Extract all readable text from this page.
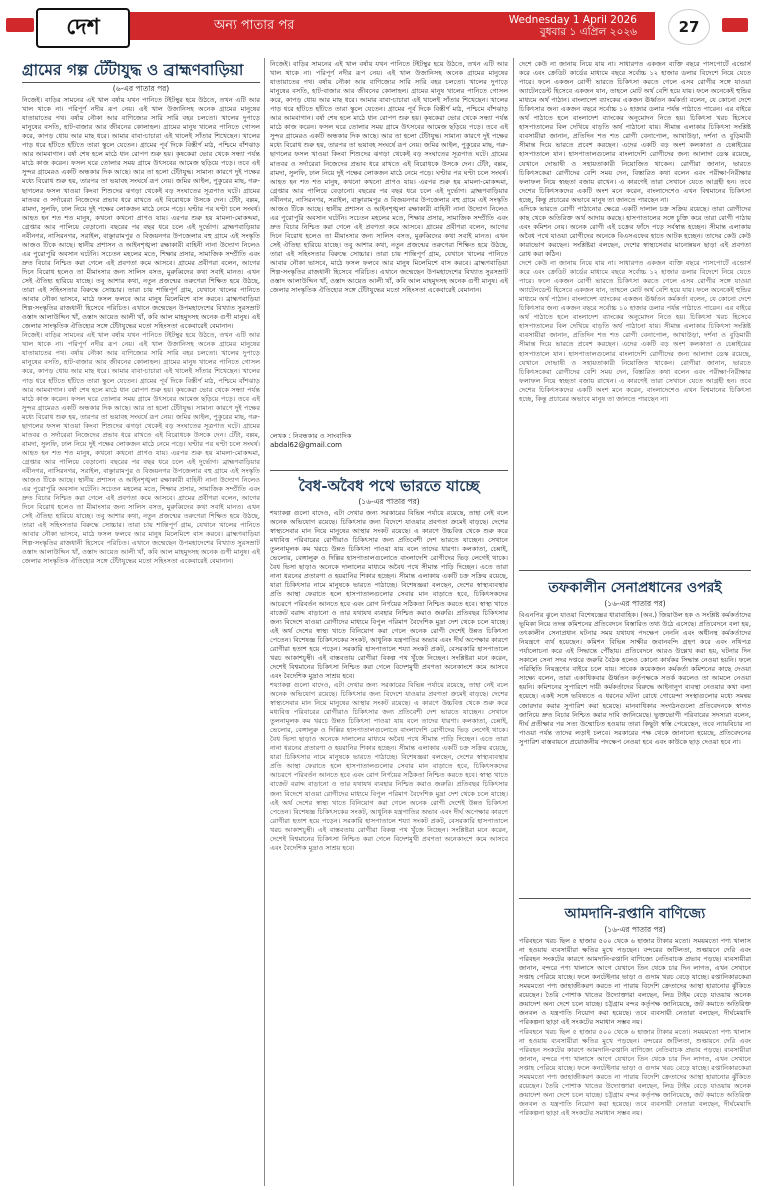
দেশ	অন্য পাতার পর	Wednesday 1 April 2026
বুধবার ১ এপ্রিল ২০২৬	27
গ্রামের গল্প টেঁটাযুদ্ধ ও ব্রাহ্মণবাড়িয়া
(৬-এর পাতার পর)
নিজেই। বাড়ির সামনের এই খাল বর্ষায় যখন পানিতে টইটম্বুর হয়ে উঠতে, তখন এটি আর খাল থাকে না। পরিপূর্ণ নদীর রূপ নেয়। এই খাল উজানিসহ অনেক গ্রামের মানুষের যাতায়াতের পথ। বর্ষায় নৌকা আর বাণিজ্যের সারি সারি বহর চলতো। খালের দুপাড়ে মানুষের বসতি, হাট-বাজার আর জীবনের কোলাহল। গ্রামের মানুষ খালের পানিতে গোসল করে, কাপড় ধোয় আর মাছ ধরে। আমার বাবা-চাচারা এই খালেই সাঁতার শিখেছেন। খালের পাড় ধরে হাঁটতে হাঁটতে তারা স্কুলে যেতেন। গ্রামের পূর্ব দিকে বিস্তীর্ণ মাঠ, পশ্চিমে বাঁশঝাড় আর আমবাগান। বর্ষা শেষ হলে মাঠে ধান রোপণ শুরু হয়। কৃষকেরা ভোর থেকে সন্ধ্যা পর্যন্ত মাঠে কাজ করেন। ফসল ঘরে তোলার সময় গ্রামে উৎসবের আমেজ ছড়িয়ে পড়ে। তবে এই সুন্দর গ্রামেরও একটি অন্ধকার দিক আছে। আর তা হলো টেঁটাযুদ্ধ। সামান্য কারণে দুই পক্ষের মধ্যে বিরোধ শুরু হয়, তারপর তা ভয়াবহ সংঘর্ষে রূপ নেয়। জমির আইল, পুকুরের মাছ, গরু-ছাগলের ফসল খাওয়া কিংবা শিশুদের ঝগড়া থেকেই বড় সংঘাতের সূত্রপাত ঘটে। গ্রামের মাতবর ও সর্দারেরা নিজেদের প্রভাব ধরে রাখতে এই বিরোধকে উসকে দেন। টেঁটা, বল্লম, রামদা, সুলফি, ঢাল নিয়ে দুই পক্ষের লোকজন মাঠে নেমে পড়ে। ঘণ্টার পর ঘণ্টা চলে সংঘর্ষ। আহত হন শত শত মানুষ, কখনো কখনো প্রাণও যায়। এরপর শুরু হয় মামলা-মোকদ্দমা, গ্রেপ্তার আর পালিয়ে বেড়ানো। বছরের পর বছর ধরে চলে এই দুর্ভোগ। ব্রাহ্মণবাড়িয়ার নবীনগর, নাসিরনগর, সরাইল, বাঞ্ছারামপুর ও বিজয়নগর উপজেলার বহু গ্রামে এই সংস্কৃতি আজও টিকে আছে। স্থানীয় প্রশাসন ও আইনশৃঙ্খলা রক্ষাকারী বাহিনী নানা উদ্যোগ নিলেও এর পুরোপুরি অবসান ঘটেনি। সচেতন মহলের মতে, শিক্ষার প্রসার, সামাজিক সম্প্রীতি এবং দ্রুত বিচার নিশ্চিত করা গেলে এই প্রবণতা কমে আসবে। গ্রামের প্রবীণরা বলেন, আগের দিনে বিরোধ হলেও তা মীমাংসার জন্য সালিস বসত, মুরুব্বিদের কথা সবাই মানত। এখন সেই ঐতিহ্য হারিয়ে যাচ্ছে। তবু আশার কথা, নতুন প্রজন্মের তরুণেরা শিক্ষিত হয়ে উঠছে, তারা এই সহিংসতার বিরুদ্ধে সোচ্চার। তারা চায় শান্তিপূর্ণ গ্রাম, যেখানে খালের পানিতে আবার নৌকা ভাসবে, মাঠে ফসল ফলবে আর মানুষ মিলেমিশে বাস করবে। ব্রাহ্মণবাড়িয়া শিল্প-সংস্কৃতির রাজধানী হিসেবে পরিচিত। এখানে জন্মেছেন উপমহাদেশের বিখ্যাত সুরসম্রাট ওস্তাদ আলাউদ্দিন খাঁ, ওস্তাদ আয়েত আলী খাঁ, কবি আল মাহমুদসহ অনেক গুণী মানুষ। এই জেলার সাংস্কৃতিক ঐতিহ্যের সঙ্গে টেঁটাযুদ্ধের মতো সহিংসতা একেবারেই বেমানান।
নিজেই। বাড়ির সামনের এই খাল বর্ষায় যখন পানিতে টইটম্বুর হয়ে উঠতে, তখন এটি আর খাল থাকে না। পরিপূর্ণ নদীর রূপ নেয়। এই খাল উজানিসহ অনেক গ্রামের মানুষের যাতায়াতের পথ। বর্ষায় নৌকা আর বাণিজ্যের সারি সারি বহর চলতো। খালের দুপাড়ে মানুষের বসতি, হাট-বাজার আর জীবনের কোলাহল। গ্রামের মানুষ খালের পানিতে গোসল করে, কাপড় ধোয় আর মাছ ধরে। আমার বাবা-চাচারা এই খালেই সাঁতার শিখেছেন। খালের পাড় ধরে হাঁটতে হাঁটতে তারা স্কুলে যেতেন। গ্রামের পূর্ব দিকে বিস্তীর্ণ মাঠ, পশ্চিমে বাঁশঝাড় আর আমবাগান। বর্ষা শেষ হলে মাঠে ধান রোপণ শুরু হয়। কৃষকেরা ভোর থেকে সন্ধ্যা পর্যন্ত মাঠে কাজ করেন। ফসল ঘরে তোলার সময় গ্রামে উৎসবের আমেজ ছড়িয়ে পড়ে। তবে এই সুন্দর গ্রামেরও একটি অন্ধকার দিক আছে। আর তা হলো টেঁটাযুদ্ধ। সামান্য কারণে দুই পক্ষের মধ্যে বিরোধ শুরু হয়, তারপর তা ভয়াবহ সংঘর্ষে রূপ নেয়। জমির আইল, পুকুরের মাছ, গরু-ছাগলের ফসল খাওয়া কিংবা শিশুদের ঝগড়া থেকেই বড় সংঘাতের সূত্রপাত ঘটে। গ্রামের মাতবর ও সর্দারেরা নিজেদের প্রভাব ধরে রাখতে এই বিরোধকে উসকে দেন। টেঁটা, বল্লম, রামদা, সুলফি, ঢাল নিয়ে দুই পক্ষের লোকজন মাঠে নেমে পড়ে। ঘণ্টার পর ঘণ্টা চলে সংঘর্ষ। আহত হন শত শত মানুষ, কখনো কখনো প্রাণও যায়। এরপর শুরু হয় মামলা-মোকদ্দমা, গ্রেপ্তার আর পালিয়ে বেড়ানো। বছরের পর বছর ধরে চলে এই দুর্ভোগ। ব্রাহ্মণবাড়িয়ার নবীনগর, নাসিরনগর, সরাইল, বাঞ্ছারামপুর ও বিজয়নগর উপজেলার বহু গ্রামে এই সংস্কৃতি আজও টিকে আছে। স্থানীয় প্রশাসন ও আইনশৃঙ্খলা রক্ষাকারী বাহিনী নানা উদ্যোগ নিলেও এর পুরোপুরি অবসান ঘটেনি। সচেতন মহলের মতে, শিক্ষার প্রসার, সামাজিক সম্প্রীতি এবং দ্রুত বিচার নিশ্চিত করা গেলে এই প্রবণতা কমে আসবে। গ্রামের প্রবীণরা বলেন, আগের দিনে বিরোধ হলেও তা মীমাংসার জন্য সালিস বসত, মুরুব্বিদের কথা সবাই মানত। এখন সেই ঐতিহ্য হারিয়ে যাচ্ছে। তবু আশার কথা, নতুন প্রজন্মের তরুণেরা শিক্ষিত হয়ে উঠছে, তারা এই সহিংসতার বিরুদ্ধে সোচ্চার। তারা চায় শান্তিপূর্ণ গ্রাম, যেখানে খালের পানিতে আবার নৌকা ভাসবে, মাঠে ফসল ফলবে আর মানুষ মিলেমিশে বাস করবে। ব্রাহ্মণবাড়িয়া শিল্প-সংস্কৃতির রাজধানী হিসেবে পরিচিত। এখানে জন্মেছেন উপমহাদেশের বিখ্যাত সুরসম্রাট ওস্তাদ আলাউদ্দিন খাঁ, ওস্তাদ আয়েত আলী খাঁ, কবি আল মাহমুদসহ অনেক গুণী মানুষ। এই জেলার সাংস্কৃতিক ঐতিহ্যের সঙ্গে টেঁটাযুদ্ধের মতো সহিংসতা একেবারেই বেমানান।
নিজেই। বাড়ির সামনের এই খাল বর্ষায় যখন পানিতে টইটম্বুর হয়ে উঠতে, তখন এটি আর খাল থাকে না। পরিপূর্ণ নদীর রূপ নেয়। এই খাল উজানিসহ অনেক গ্রামের মানুষের যাতায়াতের পথ। বর্ষায় নৌকা আর বাণিজ্যের সারি সারি বহর চলতো। খালের দুপাড়ে মানুষের বসতি, হাট-বাজার আর জীবনের কোলাহল। গ্রামের মানুষ খালের পানিতে গোসল করে, কাপড় ধোয় আর মাছ ধরে। আমার বাবা-চাচারা এই খালেই সাঁতার শিখেছেন। খালের পাড় ধরে হাঁটতে হাঁটতে তারা স্কুলে যেতেন। গ্রামের পূর্ব দিকে বিস্তীর্ণ মাঠ, পশ্চিমে বাঁশঝাড় আর আমবাগান। বর্ষা শেষ হলে মাঠে ধান রোপণ শুরু হয়। কৃষকেরা ভোর থেকে সন্ধ্যা পর্যন্ত মাঠে কাজ করেন। ফসল ঘরে তোলার সময় গ্রামে উৎসবের আমেজ ছড়িয়ে পড়ে। তবে এই সুন্দর গ্রামেরও একটি অন্ধকার দিক আছে। আর তা হলো টেঁটাযুদ্ধ। সামান্য কারণে দুই পক্ষের মধ্যে বিরোধ শুরু হয়, তারপর তা ভয়াবহ সংঘর্ষে রূপ নেয়। জমির আইল, পুকুরের মাছ, গরু-ছাগলের ফসল খাওয়া কিংবা শিশুদের ঝগড়া থেকেই বড় সংঘাতের সূত্রপাত ঘটে। গ্রামের মাতবর ও সর্দারেরা নিজেদের প্রভাব ধরে রাখতে এই বিরোধকে উসকে দেন। টেঁটা, বল্লম, রামদা, সুলফি, ঢাল নিয়ে দুই পক্ষের লোকজন মাঠে নেমে পড়ে। ঘণ্টার পর ঘণ্টা চলে সংঘর্ষ। আহত হন শত শত মানুষ, কখনো কখনো প্রাণও যায়। এরপর শুরু হয় মামলা-মোকদ্দমা, গ্রেপ্তার আর পালিয়ে বেড়ানো। বছরের পর বছর ধরে চলে এই দুর্ভোগ। ব্রাহ্মণবাড়িয়ার নবীনগর, নাসিরনগর, সরাইল, বাঞ্ছারামপুর ও বিজয়নগর উপজেলার বহু গ্রামে এই সংস্কৃতি আজও টিকে আছে। স্থানীয় প্রশাসন ও আইনশৃঙ্খলা রক্ষাকারী বাহিনী নানা উদ্যোগ নিলেও এর পুরোপুরি অবসান ঘটেনি। সচেতন মহলের মতে, শিক্ষার প্রসার, সামাজিক সম্প্রীতি এবং দ্রুত বিচার নিশ্চিত করা গেলে এই প্রবণতা কমে আসবে। গ্রামের প্রবীণরা বলেন, আগের দিনে বিরোধ হলেও তা মীমাংসার জন্য সালিস বসত, মুরুব্বিদের কথা সবাই মানত। এখন সেই ঐতিহ্য হারিয়ে যাচ্ছে। তবু আশার কথা, নতুন প্রজন্মের তরুণেরা শিক্ষিত হয়ে উঠছে, তারা এই সহিংসতার বিরুদ্ধে সোচ্চার। তারা চায় শান্তিপূর্ণ গ্রাম, যেখানে খালের পানিতে আবার নৌকা ভাসবে, মাঠে ফসল ফলবে আর মানুষ মিলেমিশে বাস করবে। ব্রাহ্মণবাড়িয়া শিল্প-সংস্কৃতির রাজধানী হিসেবে পরিচিত। এখানে জন্মেছেন উপমহাদেশের বিখ্যাত সুরসম্রাট ওস্তাদ আলাউদ্দিন খাঁ, ওস্তাদ আয়েত আলী খাঁ, কবি আল মাহমুদসহ অনেক গুণী মানুষ। এই জেলার সাংস্কৃতিক ঐতিহ্যের সঙ্গে টেঁটাযুদ্ধের মতো সহিংসতা একেবারেই বেমানান।
লেখক : নিবন্ধকার ও সাংবাদিক
abdal62@gmail.com
বৈধ-অবৈধ পথে ভারতে যাচ্ছে
(১৬-এর পাতার পর)
শয্যাকল্প গুলো বাদেও, এটা দেখার জন্য সরকারের বিভিন্ন পর্যায়ে রয়েছে, তাহা নেই বলে অনেক অভিযোগ রয়েছে। চিকিৎসার জন্য বিদেশে যাওয়ার প্রবণতা ক্রমেই বাড়ছে। দেশের স্বাস্থ্যসেবার মান নিয়ে মানুষের আস্থার সংকট রয়েছে। এ কারণে উচ্চবিত্ত থেকে শুরু করে মধ্যবিত্ত পরিবারের রোগীরাও চিকিৎসার জন্য প্রতিবেশী দেশ ভারতে যাচ্ছেন। সেখানে তুলনামূলক কম খরচে উন্নত চিকিৎসা পাওয়া যায় বলে তাদের ধারণা। কলকাতা, চেন্নাই, ভেলোর, বেঙ্গালুরু ও দিল্লির হাসপাতালগুলোতে বাংলাদেশি রোগীদের ভিড় লেগেই থাকে। বৈধ ভিসা ছাড়াও অনেকে দালালের মাধ্যমে অবৈধ পথে সীমান্ত পাড়ি দিচ্ছেন। এতে তারা নানা ধরনের প্রতারণা ও হয়রানির শিকার হচ্ছেন। সীমান্ত এলাকায় একটি চক্র সক্রিয় রয়েছে, যারা চিকিৎসার নামে মানুষকে ভারতে পাঠাচ্ছে। বিশেষজ্ঞরা বলছেন, দেশের স্বাস্থ্যব্যবস্থার প্রতি আস্থা ফেরাতে হলে হাসপাতালগুলোর সেবার মান বাড়াতে হবে, চিকিৎসকদের আচরণে পরিবর্তন আনতে হবে এবং রোগ নির্ণয়ের সঠিকতা নিশ্চিত করতে হবে। স্বাস্থ্য খাতে বাজেট বরাদ্দ বাড়ানো ও তার যথাযথ ব্যবহার নিশ্চিত করাও জরুরি। প্রতিবছর চিকিৎসার জন্য বিদেশে যাওয়া রোগীদের মাধ্যমে বিপুল পরিমাণ বৈদেশিক মুদ্রা দেশ থেকে চলে যাচ্ছে। এই অর্থ দেশের স্বাস্থ্য খাতে বিনিয়োগ করা গেলে অনেক রোগী দেশেই উন্নত চিকিৎসা পেতেন। বিশেষজ্ঞ চিকিৎসকের সংকট, আধুনিক যন্ত্রপাতির অভাব এবং দীর্ঘ অপেক্ষার কারণে রোগীরা হতাশ হয়ে পড়েন। সরকারি হাসপাতালে শয্যা সংকট প্রকট, বেসরকারি হাসপাতালে খরচ আকাশচুম্বী। এই বাস্তবতায় রোগীরা বিকল্প পথ খুঁজে নিচ্ছেন। সংশ্লিষ্টরা মনে করেন, দেশেই বিশ্বমানের চিকিৎসা নিশ্চিত করা গেলে বিদেশমুখী প্রবণতা অনেকাংশে কমে আসবে এবং বৈদেশিক মুদ্রাও সাশ্রয় হবে।
শয্যাকল্প গুলো বাদেও, এটা দেখার জন্য সরকারের বিভিন্ন পর্যায়ে রয়েছে, তাহা নেই বলে অনেক অভিযোগ রয়েছে। চিকিৎসার জন্য বিদেশে যাওয়ার প্রবণতা ক্রমেই বাড়ছে। দেশের স্বাস্থ্যসেবার মান নিয়ে মানুষের আস্থার সংকট রয়েছে। এ কারণে উচ্চবিত্ত থেকে শুরু করে মধ্যবিত্ত পরিবারের রোগীরাও চিকিৎসার জন্য প্রতিবেশী দেশ ভারতে যাচ্ছেন। সেখানে তুলনামূলক কম খরচে উন্নত চিকিৎসা পাওয়া যায় বলে তাদের ধারণা। কলকাতা, চেন্নাই, ভেলোর, বেঙ্গালুরু ও দিল্লির হাসপাতালগুলোতে বাংলাদেশি রোগীদের ভিড় লেগেই থাকে। বৈধ ভিসা ছাড়াও অনেকে দালালের মাধ্যমে অবৈধ পথে সীমান্ত পাড়ি দিচ্ছেন। এতে তারা নানা ধরনের প্রতারণা ও হয়রানির শিকার হচ্ছেন। সীমান্ত এলাকায় একটি চক্র সক্রিয় রয়েছে, যারা চিকিৎসার নামে মানুষকে ভারতে পাঠাচ্ছে। বিশেষজ্ঞরা বলছেন, দেশের স্বাস্থ্যব্যবস্থার প্রতি আস্থা ফেরাতে হলে হাসপাতালগুলোর সেবার মান বাড়াতে হবে, চিকিৎসকদের আচরণে পরিবর্তন আনতে হবে এবং রোগ নির্ণয়ের সঠিকতা নিশ্চিত করতে হবে। স্বাস্থ্য খাতে বাজেট বরাদ্দ বাড়ানো ও তার যথাযথ ব্যবহার নিশ্চিত করাও জরুরি। প্রতিবছর চিকিৎসার জন্য বিদেশে যাওয়া রোগীদের মাধ্যমে বিপুল পরিমাণ বৈদেশিক মুদ্রা দেশ থেকে চলে যাচ্ছে। এই অর্থ দেশের স্বাস্থ্য খাতে বিনিয়োগ করা গেলে অনেক রোগী দেশেই উন্নত চিকিৎসা পেতেন। বিশেষজ্ঞ চিকিৎসকের সংকট, আধুনিক যন্ত্রপাতির অভাব এবং দীর্ঘ অপেক্ষার কারণে রোগীরা হতাশ হয়ে পড়েন। সরকারি হাসপাতালে শয্যা সংকট প্রকট, বেসরকারি হাসপাতালে খরচ আকাশচুম্বী। এই বাস্তবতায় রোগীরা বিকল্প পথ খুঁজে নিচ্ছেন। সংশ্লিষ্টরা মনে করেন, দেশেই বিশ্বমানের চিকিৎসা নিশ্চিত করা গেলে বিদেশমুখী প্রবণতা অনেকাংশে কমে আসবে এবং বৈদেশিক মুদ্রাও সাশ্রয় হবে।
দেশে কেউ না জানায় নিয়ে যায় না। সাধারণত একজন ব্যক্তি বছরে পাসপোর্টে এন্ডোর্স করে এবং ক্রেডিট কার্ডের মাধ্যমে বছরে সর্বোচ্চ ১২ হাজার ডলার বিদেশে নিয়ে যেতে পারে। ফলে একজন রোগী ভারতে চিকিৎসা করতে গেলে এসব রোগীর সঙ্গে যাওয়া অ্যাটেনডেন্ট হিসেবে একজন যান, তাহলে মোট অর্থ বেশি হয়ে যায়। ফলে অনেকেই হুন্ডির মাধ্যমে অর্থ পাঠান। বাংলাদেশ ব্যাংকের একজন ঊর্ধ্বতন কর্মকর্তা বলেন, যে কোনো দেশে চিকিৎসার জন্য একজন বছরে সর্বোচ্চ ১০ হাজার ডলার পর্যন্ত পাঠাতে পারেন। এর বাইরে অর্থ পাঠাতে হলে বাংলাদেশ ব্যাংকের অনুমোদন নিতে হয়। চিকিৎসা খরচ হিসেবে হাসপাতালের বিল দেখিয়ে বাড়তি অর্থ পাঠানো যায়। সীমান্ত এলাকার চিকিৎসা সংশ্লিষ্ট ব্যবসায়ীরা জানান, প্রতিদিন শত শত রোগী বেনাপোল, আখাউড়া, দর্শনা ও বুড়িমারী সীমান্ত দিয়ে ভারতে প্রবেশ করছেন। এদের একটি বড় অংশ কলকাতা ও চেন্নাইয়ের হাসপাতালে যান। হাসপাতালগুলোর বাংলাদেশি রোগীদের জন্য আলাদা ডেস্ক রয়েছে, যেখানে দোভাষী ও সহায়তাকারী নিয়োজিত থাকেন। রোগীরা জানান, ভারতে চিকিৎসকেরা রোগীদের বেশি সময় দেন, বিস্তারিত কথা বলেন এবং পরীক্ষা-নিরীক্ষার ফলাফল নিয়ে স্বচ্ছতা বজায় রাখেন। এ কারণেই তারা সেখানে যেতে আগ্রহী হন। তবে দেশের চিকিৎসকদের একটি অংশ মনে করেন, বাংলাদেশেও এখন বিশ্বমানের চিকিৎসা হচ্ছে, কিন্তু প্রচারের অভাবে মানুষ তা জানতে পারছেন না।
এদিকে ভারতে রোগী পাঠানোর ক্ষেত্রে একটি দালাল চক্র সক্রিয় রয়েছে। তারা রোগীদের কাছ থেকে অতিরিক্ত অর্থ আদায় করছে। হাসপাতালের সঙ্গে চুক্তি করে তারা রোগী পাঠায় এবং কমিশন নেয়। অনেক রোগী এই চক্রের ফাঁদে পড়ে সর্বস্বান্ত হচ্ছেন। সীমান্ত এলাকায় অবৈধ পথে যাওয়া রোগীদের অনেকে বিএসএফের হাতে আটক হচ্ছেন। তাদের কেউ কেউ কারাভোগ করছেন। সংশ্লিষ্টরা বলছেন, দেশের স্বাস্থ্যসেবার মানোন্নয়ন ছাড়া এই প্রবণতা রোধ করা কঠিন।
দেশে কেউ না জানায় নিয়ে যায় না। সাধারণত একজন ব্যক্তি বছরে পাসপোর্টে এন্ডোর্স করে এবং ক্রেডিট কার্ডের মাধ্যমে বছরে সর্বোচ্চ ১২ হাজার ডলার বিদেশে নিয়ে যেতে পারে। ফলে একজন রোগী ভারতে চিকিৎসা করতে গেলে এসব রোগীর সঙ্গে যাওয়া অ্যাটেনডেন্ট হিসেবে একজন যান, তাহলে মোট অর্থ বেশি হয়ে যায়। ফলে অনেকেই হুন্ডির মাধ্যমে অর্থ পাঠান। বাংলাদেশ ব্যাংকের একজন ঊর্ধ্বতন কর্মকর্তা বলেন, যে কোনো দেশে চিকিৎসার জন্য একজন বছরে সর্বোচ্চ ১০ হাজার ডলার পর্যন্ত পাঠাতে পারেন। এর বাইরে অর্থ পাঠাতে হলে বাংলাদেশ ব্যাংকের অনুমোদন নিতে হয়। চিকিৎসা খরচ হিসেবে হাসপাতালের বিল দেখিয়ে বাড়তি অর্থ পাঠানো যায়। সীমান্ত এলাকার চিকিৎসা সংশ্লিষ্ট ব্যবসায়ীরা জানান, প্রতিদিন শত শত রোগী বেনাপোল, আখাউড়া, দর্শনা ও বুড়িমারী সীমান্ত দিয়ে ভারতে প্রবেশ করছেন। এদের একটি বড় অংশ কলকাতা ও চেন্নাইয়ের হাসপাতালে যান। হাসপাতালগুলোর বাংলাদেশি রোগীদের জন্য আলাদা ডেস্ক রয়েছে, যেখানে দোভাষী ও সহায়তাকারী নিয়োজিত থাকেন। রোগীরা জানান, ভারতে চিকিৎসকেরা রোগীদের বেশি সময় দেন, বিস্তারিত কথা বলেন এবং পরীক্ষা-নিরীক্ষার ফলাফল নিয়ে স্বচ্ছতা বজায় রাখেন। এ কারণেই তারা সেখানে যেতে আগ্রহী হন। তবে দেশের চিকিৎসকদের একটি অংশ মনে করেন, বাংলাদেশেও এখন বিশ্বমানের চিকিৎসা হচ্ছে, কিন্তু প্রচারের অভাবে মানুষ তা জানতে পারছেন না।
তফকালীন সেনাপ্রধানের ওপরই
(১৬-এর পাতার পর)
বিএনপির ঝুলে যাওয়া বিশেষজ্ঞের ধারাবাহিক। (অব.) জিয়াউল হক ও সংশ্লিষ্ট কর্মকর্তাদের ভূমিকা নিয়ে তদন্ত কমিশনের প্রতিবেদনে বিস্তারিত তথ্য উঠে এসেছে। প্রতিবেদনে বলা হয়, তৎকালীন সেনাপ্রধান ঘটনার সময় যথাযথ পদক্ষেপ নেননি এবং অধীনস্থ কর্মকর্তাদের নিয়ন্ত্রণে ব্যর্থ হয়েছেন। কমিশন বিভিন্ন সাক্ষীর জবানবন্দি গ্রহণ করে এবং নথিপত্র পর্যালোচনা করে এই সিদ্ধান্তে পৌঁছায়। প্রতিবেদনে আরও উল্লেখ করা হয়, ঘটনার দিন সকালে সেনা সদর দপ্তরে জরুরি বৈঠক হলেও কোনো কার্যকর সিদ্ধান্ত নেওয়া হয়নি। ফলে পরিস্থিতি নিয়ন্ত্রণের বাইরে চলে যায়। সাবেক কয়েকজন কর্মকর্তা কমিশনের কাছে দেওয়া সাক্ষ্যে বলেন, তারা একাধিকবার ঊর্ধ্বতন কর্তৃপক্ষকে সতর্ক করলেও তা আমলে নেওয়া হয়নি। কমিশনের সুপারিশে দায়ী কর্মকর্তাদের বিরুদ্ধে আইনানুগ ব্যবস্থা নেওয়ার কথা বলা হয়েছে। একই সঙ্গে ভবিষ্যতে এ ধরনের ঘটনা রোধে গোয়েন্দা সংস্থাগুলোর মধ্যে সমন্বয় জোরদার করার সুপারিশ করা হয়েছে। মানবাধিকার সংগঠনগুলো প্রতিবেদনকে স্বাগত জানিয়ে দ্রুত বিচার নিশ্চিত করার দাবি জানিয়েছে। ভুক্তভোগী পরিবারের সদস্যরা বলেন, দীর্ঘ প্রতীক্ষার পর সত্য উন্মোচিত হওয়ায় তারা কিছুটা স্বস্তি পেয়েছেন, তবে ন্যায়বিচার না পাওয়া পর্যন্ত তাদের লড়াই চলবে। সরকারের পক্ষ থেকে জানানো হয়েছে, প্রতিবেদনের সুপারিশ বাস্তবায়নে প্রয়োজনীয় পদক্ষেপ নেওয়া হবে এবং কাউকে ছাড় দেওয়া হবে না।
আমদানি-রপ্তানি বাণিজ্যে
(১৬-এর পাতার পর)
পরিবহনে খরচ ছিল ৫ হাজার ৫০০ থেকে ৬ হাজার টাকার মতো। সময়মতো পণ্য খালাস না হওয়ায় ব্যবসায়ীরা ক্ষতির মুখে পড়ছেন। বন্দরের জটিলতা, শুল্কায়নে দেরি এবং পরিবহন সংকটের কারণে আমদানি-রপ্তানি বাণিজ্যে নেতিবাচক প্রভাব পড়ছে। ব্যবসায়ীরা জানান, বন্দরে পণ্য খালাসে আগে যেখানে তিন থেকে চার দিন লাগত, এখন সেখানে সপ্তাহ পেরিয়ে যাচ্ছে। ফলে কনটেইনার ভাড়া ও গুদাম খরচ বেড়ে যাচ্ছে। রপ্তানিকারকেরা সময়মতো পণ্য জাহাজীকরণ করতে না পারায় বিদেশি ক্রেতাদের আস্থা হারানোর ঝুঁকিতে রয়েছেন। তৈরি পোশাক খাতের উদ্যোক্তারা বলছেন, লিড টাইম বেড়ে যাওয়ায় অনেক ক্রয়াদেশ অন্য দেশে চলে যাচ্ছে। চট্টগ্রাম বন্দর কর্তৃপক্ষ জানিয়েছে, জট কমাতে অতিরিক্ত জনবল ও যন্ত্রপাতি নিয়োগ করা হয়েছে। তবে ব্যবসায়ী নেতারা বলছেন, দীর্ঘমেয়াদি পরিকল্পনা ছাড়া এই সংকটের সমাধান সম্ভব নয়।
পরিবহনে খরচ ছিল ৫ হাজার ৫০০ থেকে ৬ হাজার টাকার মতো। সময়মতো পণ্য খালাস না হওয়ায় ব্যবসায়ীরা ক্ষতির মুখে পড়ছেন। বন্দরের জটিলতা, শুল্কায়নে দেরি এবং পরিবহন সংকটের কারণে আমদানি-রপ্তানি বাণিজ্যে নেতিবাচক প্রভাব পড়ছে। ব্যবসায়ীরা জানান, বন্দরে পণ্য খালাসে আগে যেখানে তিন থেকে চার দিন লাগত, এখন সেখানে সপ্তাহ পেরিয়ে যাচ্ছে। ফলে কনটেইনার ভাড়া ও গুদাম খরচ বেড়ে যাচ্ছে। রপ্তানিকারকেরা সময়মতো পণ্য জাহাজীকরণ করতে না পারায় বিদেশি ক্রেতাদের আস্থা হারানোর ঝুঁকিতে রয়েছেন। তৈরি পোশাক খাতের উদ্যোক্তারা বলছেন, লিড টাইম বেড়ে যাওয়ায় অনেক ক্রয়াদেশ অন্য দেশে চলে যাচ্ছে। চট্টগ্রাম বন্দর কর্তৃপক্ষ জানিয়েছে, জট কমাতে অতিরিক্ত জনবল ও যন্ত্রপাতি নিয়োগ করা হয়েছে। তবে ব্যবসায়ী নেতারা বলছেন, দীর্ঘমেয়াদি পরিকল্পনা ছাড়া এই সংকটের সমাধান সম্ভব নয়।
